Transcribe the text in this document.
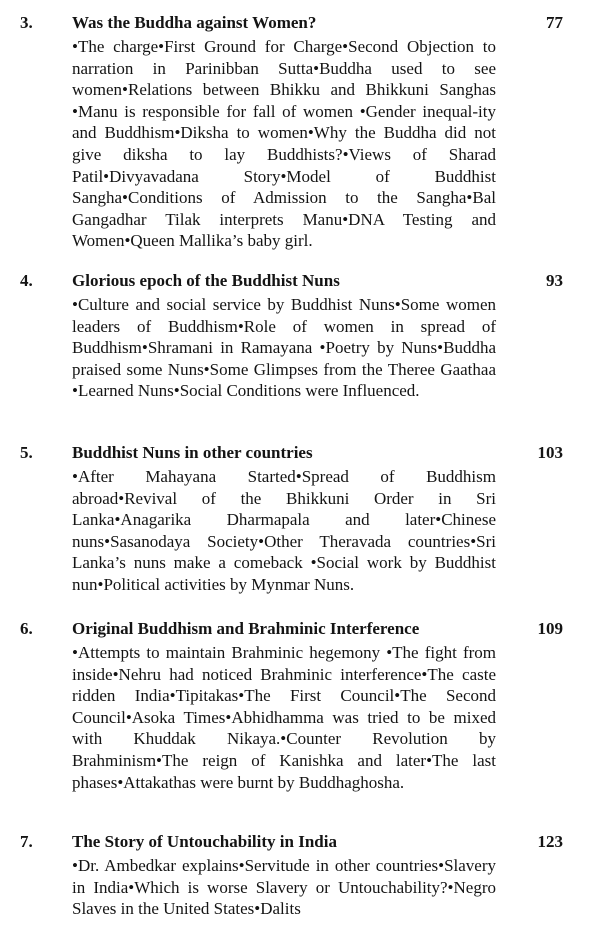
3. Was the Buddha against Women?	77
•The charge•First Ground for Charge•Second Objection to narration in Parinibban Sutta•Buddha used to see women•Relations between Bhikku and Bhikkuni Sanghas •Manu is responsible for fall of women •Gender inequal-ity and Buddhism•Diksha to women•Why the Buddha did not give diksha to lay Buddhists?•Views of Sharad Patil•Divyavadana Story•Model of Buddhist Sangha•Conditions of Admission to the Sangha•Bal Gangadhar Tilak interprets Manu•DNA Testing and Women•Queen Mallika’s baby girl.
4. Glorious epoch of the Buddhist Nuns	93
•Culture and social service by Buddhist Nuns•Some women leaders of Buddhism•Role of women in spread of Buddhism•Shramani in Ramayana •Poetry by Nuns•Buddha praised some Nuns•Some Glimpses from the Theree Gaathaa •Learned Nuns•Social Conditions were Influenced.
5. Buddhist Nuns in other countries	103
•After Mahayana Started•Spread of Buddhism abroad•Revival of the Bhikkuni Order in Sri Lanka•Anagarika Dharmapala and later•Chinese nuns•Sasanodaya Society•Other Theravada countries•Sri Lanka’s nuns make a comeback •Social work by Buddhist nun•Political activities by Mynmar Nuns.
6. Original Buddhism and Brahminic Interference	109
•Attempts to maintain Brahminic hegemony •The fight from inside•Nehru had noticed Brahminic interference•The caste ridden India•Tipitakas•The First Council•The Second Council•Asoka Times•Abhidhamma was tried to be mixed with Khuddak Nikaya.•Counter Revolution by Brahminism•The reign of Kanishka and later•The last phases•Attakathas were burnt by Buddhaghosha.
7. The Story of Untouchability in India	123
•Dr. Ambedkar explains•Servitude in other countries•Slavery in India•Which is worse Slavery or Untouchability?•Negro Slaves in the United States•Dalits
